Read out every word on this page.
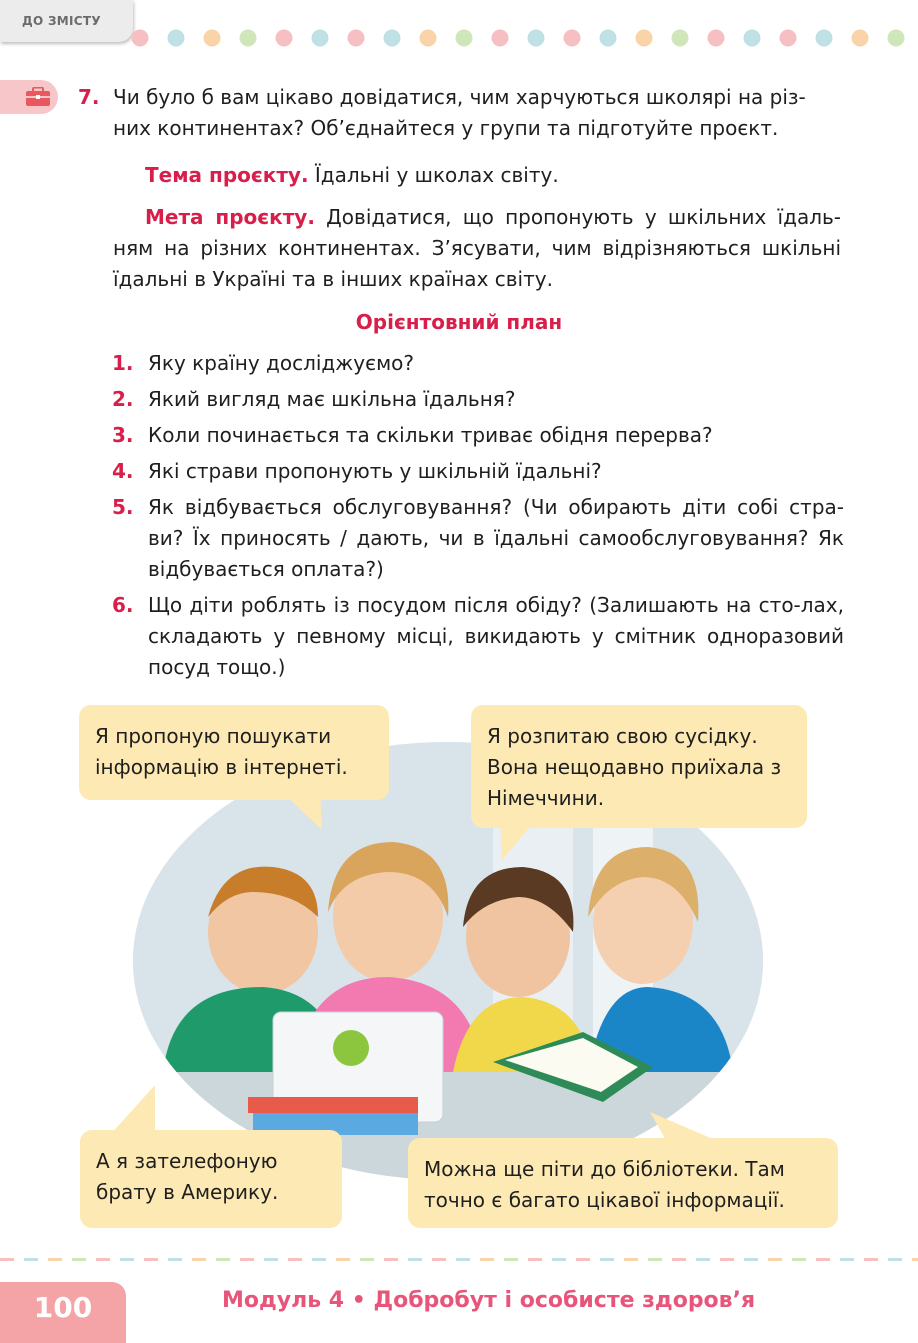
ДО ЗМІСТУ
7. Чи було б вам цікаво довідатися, чим харчуються школярі на різ-
них континентах? Об’єднайтеся у групи та підготуйте проєкт.
Тема проєкту. Їдальні у школах світу.
Мета проєкту. Довідатися, що пропонують у шкільних їдаль-ням на різних континентах. З’ясувати, чим відрізняються шкільні їдальні в Україні та в інших країнах світу.
Орієнтовний план
1. Яку країну досліджуємо?
2. Який вигляд має шкільна їдальня?
3. Коли починається та скільки триває обідня перерва?
4. Які страви пропонують у шкільній їдальні?
5. Як відбувається обслуговування? (Чи обирають діти собі стра-ви? Їх приносять / дають, чи в їдальні самообслуговування? Як відбувається оплата?)
6. Що діти роблять із посудом після обіду? (Залишають на сто-лах, складають у певному місці, викидають у смітник одноразовий посуд тощо.)
Я пропоную пошукати інформацію в інтернеті.
Я розпитаю свою сусідку. Вона нещодавно приїхала з Німеччини.
А я зателефоную брату в Америку.
Можна ще піти до бібліотеки. Там точно є багато цікавої інформації.
100	Модуль 4 • Добробут і особисте здоров’я
